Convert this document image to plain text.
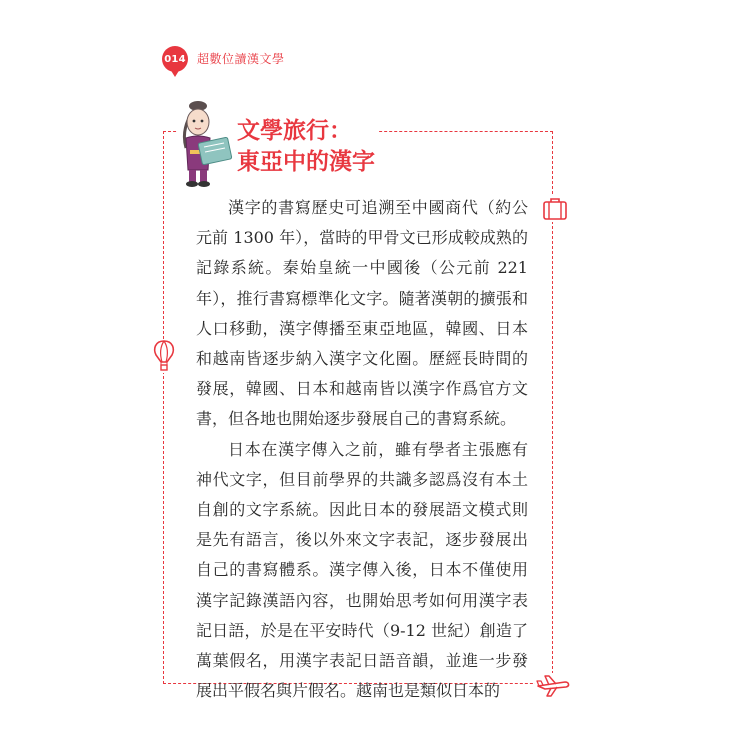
014 超數位讀漢文學
文學旅行：
東亞中的漢字

漢字的書寫歷史可追溯至中國商代（約公元前 1300 年），當時的甲骨文已形成較成熟的記錄系統。秦始皇統一中國後（公元前 221 年），推行書寫標準化文字。隨著漢朝的擴張和人口移動，漢字傳播至東亞地區，韓國、日本和越南皆逐步納入漢字文化圈。歷經長時間的發展，韓國、日本和越南皆以漢字作爲官方文書，但各地也開始逐步發展自己的書寫系統。

日本在漢字傳入之前，雖有學者主張應有神代文字，但目前學界的共識多認爲沒有本土自創的文字系統。因此日本的發展語文模式則是先有語言，後以外來文字表記，逐步發展出自己的書寫體系。漢字傳入後，日本不僅使用漢字記錄漢語內容，也開始思考如何用漢字表記日語，於是在平安時代（9-12 世紀）創造了萬葉假名，用漢字表記日語音韻，並進一步發展出平假名與片假名。越南也是類似日本的
